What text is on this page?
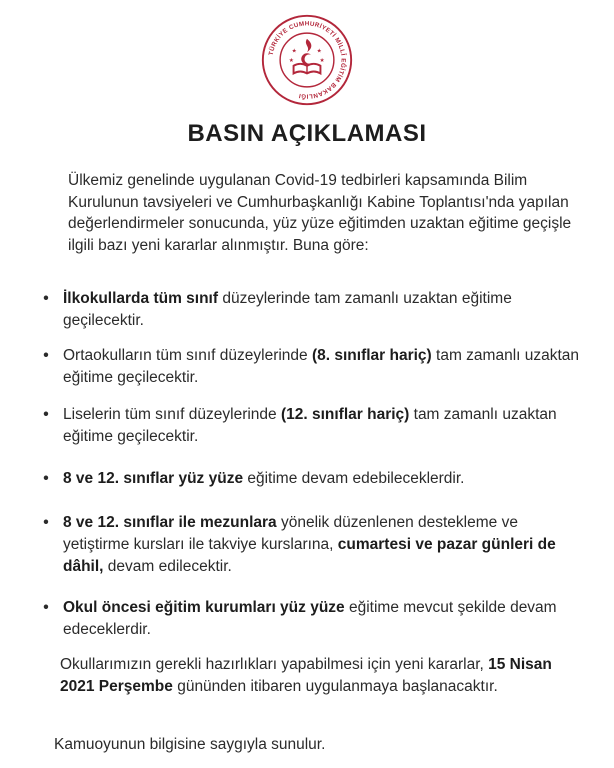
TÜRKİYE CUMHURİYETİ MİLLÎ EĞİTİM BAKANLIĞI
★	★
★	★
BASIN AÇIKLAMASI
Ülkemiz genelinde uygulanan Covid-19 tedbirleri kapsamında Bilim Kurulunun tavsiyeleri ve Cumhurbaşkanlığı Kabine Toplantısı'nda yapılan değerlendirmeler sonucunda, yüz yüze eğitimden uzaktan eğitime geçişle ilgili bazı yeni kararlar alınmıştır. Buna göre:
• İlkokullarda tüm sınıf düzeylerinde tam zamanlı uzaktan eğitime geçilecektir.
• Ortaokulların tüm sınıf düzeylerinde (8. sınıflar hariç) tam zamanlı uzaktan eğitime geçilecektir.
• Liselerin tüm sınıf düzeylerinde (12. sınıflar hariç) tam zamanlı uzaktan eğitime geçilecektir.
• 8 ve 12. sınıflar yüz yüze eğitime devam edebileceklerdir.
• 8 ve 12. sınıflar ile mezunlara yönelik düzenlenen destekleme ve yetiştirme kursları ile takviye kurslarına, cumartesi ve pazar günleri de dâhil, devam edilecektir.
• Okul öncesi eğitim kurumları yüz yüze eğitime mevcut şekilde devam edeceklerdir.
Okullarımızın gerekli hazırlıkları yapabilmesi için yeni kararlar, 15 Nisan 2021 Perşembe gününden itibaren uygulanmaya başlanacaktır.
Kamuoyunun bilgisine saygıyla sunulur.
